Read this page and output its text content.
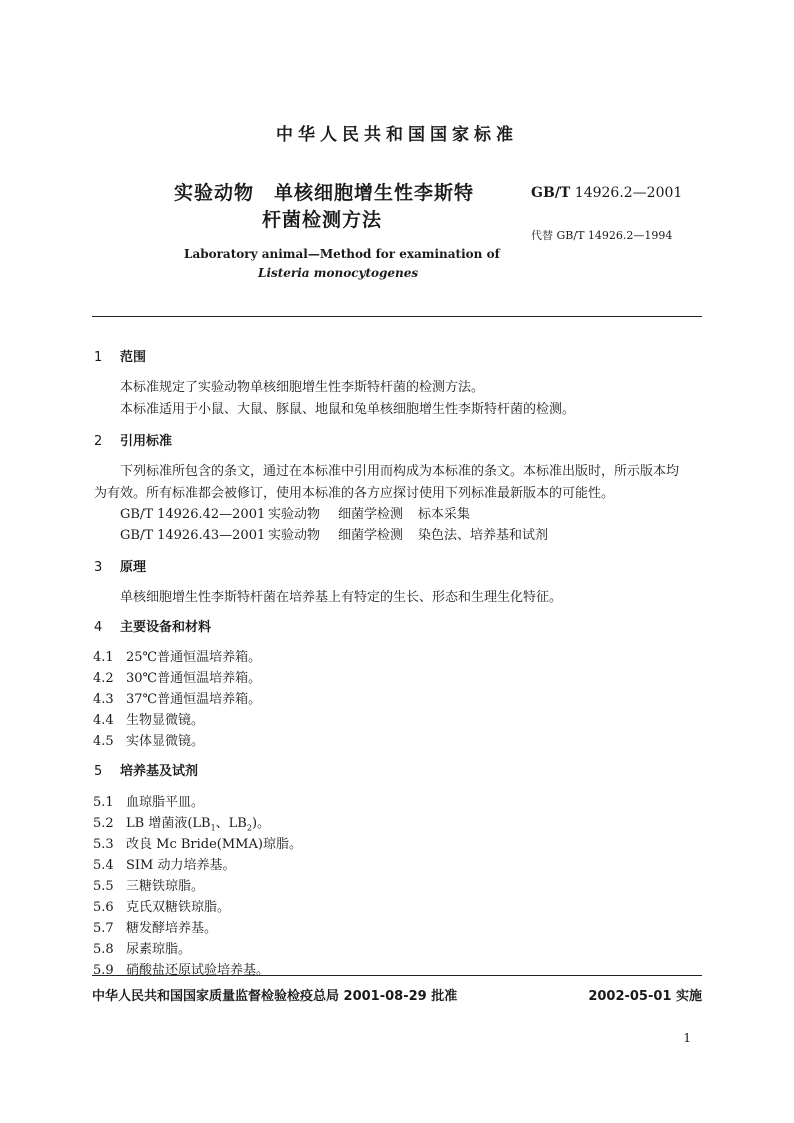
中华人民共和国国家标准
实验动物　单核细胞增生性李斯特
杆菌检测方法
GB/T 14926.2—2001
代替 GB/T 14926.2—1994
Laboratory animal—Method for examination of
Listeria monocytogenes
1 范围
本标准规定了实验动物单核细胞增生性李斯特杆菌的检测方法。
本标准适用于小鼠、大鼠、豚鼠、地鼠和兔单核细胞增生性李斯特杆菌的检测。
2 引用标准
下列标准所包含的条文，通过在本标准中引用而构成为本标准的条文。本标准出版时，所示版本均
为有效。所有标准都会被修订，使用本标准的各方应探讨使用下列标准最新版本的可能性。
GB/T 14926.42—2001 实验动物 细菌学检测 标本采集
GB/T 14926.43—2001 实验动物 细菌学检测 染色法、培养基和试剂
3 原理
单核细胞增生性李斯特杆菌在培养基上有特定的生长、形态和生理生化特征。
4 主要设备和材料
4.1 25℃普通恒温培养箱。
4.2 30℃普通恒温培养箱。
4.3 37℃普通恒温培养箱。
4.4 生物显微镜。
4.5 实体显微镜。
5 培养基及试剂
5.1 血琼脂平皿。
5.2 LB 增菌液($LB_1$、$LB_2$)。
5.3 改良 Mc Bride(MMA)琼脂。
5.4 SIM 动力培养基。
5.5 三糖铁琼脂。
5.6 克氏双糖铁琼脂。
5.7 糖发酵培养基。
5.8 尿素琼脂。
5.9 硝酸盐还原试验培养基。
中华人民共和国国家质量监督检验检疫总局 2001-08-29 批准	2002-05-01 实施
1
